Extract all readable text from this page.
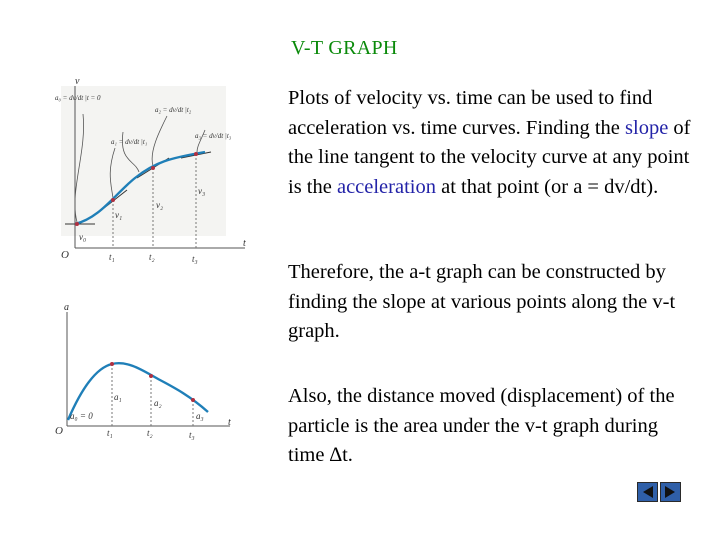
V-T GRAPH

Plots of velocity vs. time can be used to find acceleration vs. time curves. Finding the slope of the line tangent to the velocity curve at any point is the acceleration at that point (or a = dv/dt).

Therefore, the a-t graph can be constructed by finding the slope at various points along the v-t graph.

Also, the distance moved (displacement) of the particle is the area under the v-t graph during time ∆t.

v
t
O
a₀ = dv/dt |t = 0
a₁ = dv/dt |t₁
a₂ = dv/dt |t₂
a₃ = dv/dt |t₃
v₀
v₁
v₂
v₃
t₁	t₂	t₃
a
t
O
a₀ = 0
a₁
a₂
a₃
t₁	t₂	t₃
